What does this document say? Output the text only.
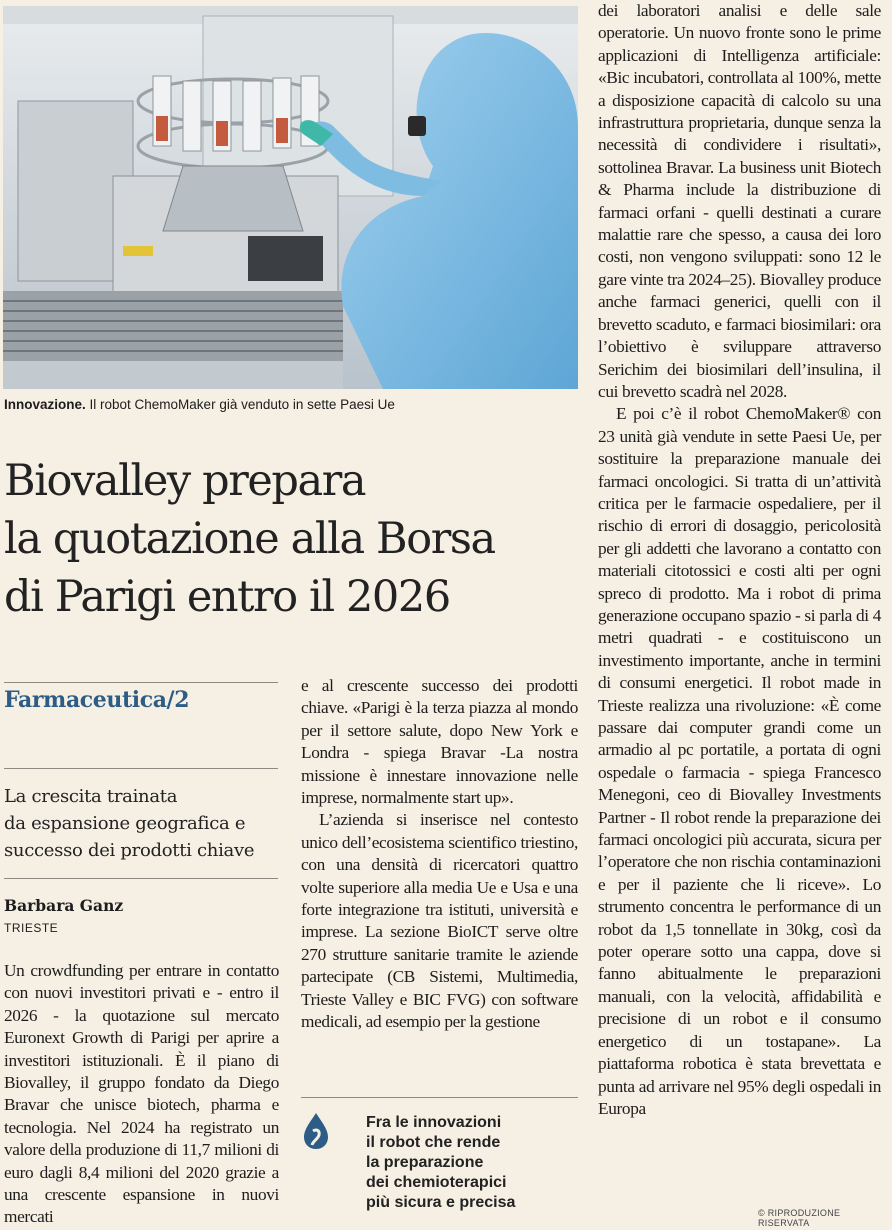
Innovazione. Il robot ChemoMaker già venduto in sette Paesi Ue
Biovalley prepara
la quotazione alla Borsa
di Parigi entro il 2026
Farmaceutica/2
La crescita trainata
da espansione geografica e
successo dei prodotti chiave
Barbara Ganz
TRIESTE

Un crowdfunding per entrare in contatto con nuovi investitori privati e - entro il 2026 - la quotazione sul mercato Euronext Growth di Parigi per aprire a investitori istituzionali. È il piano di Biovalley, il gruppo fondato da Diego Bravar che unisce biotech, pharma e tecnologia. Nel 2024 ha registrato un valore della produzione di 11,7 milioni di euro dagli 8,4 milioni del 2020 grazie a una crescente espansione in nuovi mercati

e al crescente successo dei prodotti chiave. «Parigi è la terza piazza al mondo per il settore salute, dopo New York e Londra - spiega Bravar -La nostra missione è innestare innovazione nelle imprese, normalmente start up».

L’azienda si inserisce nel contesto unico dell’ecosistema scientifico triestino, con una densità di ricercatori quattro volte superiore alla media Ue e Usa e una forte integrazione tra istituti, università e imprese. La sezione BioICT serve oltre 270 strutture sanitarie tramite le aziende partecipate (CB Sistemi, Multimedia, Trieste Valley e BIC FVG) con software medicali, ad esempio per la gestione

Fra le innovazioni
il robot che rende
la preparazione
dei chemioterapici
più sicura e precisa

dei laboratori analisi e delle sale operatorie. Un nuovo fronte sono le prime applicazioni di Intelligenza artificiale: «Bic incubatori, controllata al 100%, mette a disposizione capacità di calcolo su una infrastruttura proprietaria, dunque senza la necessità di condividere i risultati», sottolinea Bravar. La business unit Biotech & Pharma include la distribuzione di farmaci orfani - quelli destinati a curare malattie rare che spesso, a causa dei loro costi, non vengono sviluppati: sono 12 le gare vinte tra 2024–25). Biovalley produce anche farmaci generici, quelli con il brevetto scaduto, e farmaci biosimilari: ora l’obiettivo è sviluppare attraverso Serichim dei biosimilari dell’insulina, il cui brevetto scadrà nel 2028.

E poi c’è il robot ChemoMaker® con 23 unità già vendute in sette Paesi Ue, per sostituire la preparazione manuale dei farmaci oncologici. Si tratta di un’attività critica per le farmacie ospedaliere, per il rischio di errori di dosaggio, pericolosità per gli addetti che lavorano a contatto con materiali citotossici e costi alti per ogni spreco di prodotto. Ma i robot di prima generazione occupano spazio - si parla di 4 metri quadrati - e costituiscono un investimento importante, anche in termini di consumi energetici. Il robot made in Trieste realizza una rivoluzione: «È come passare dai computer grandi come un armadio al pc portatile, a portata di ogni ospedale o farmacia - spiega Francesco Menegoni, ceo di Biovalley Investments Partner - Il robot rende la preparazione dei farmaci oncologici più accurata, sicura per l’operatore che non rischia contaminazioni e per il paziente che li riceve». Lo strumento concentra le performance di un robot da 1,5 tonnellate in 30kg, così da poter operare sotto una cappa, dove si fanno abitualmente le preparazioni manuali, con la velocità, affidabilità e precisione di un robot e il consumo energetico di un tostapane». La piattaforma robotica è stata brevettata e punta ad arrivare nel 95% degli ospedali in Europa

© RIPRODUZIONE RISERVATA
